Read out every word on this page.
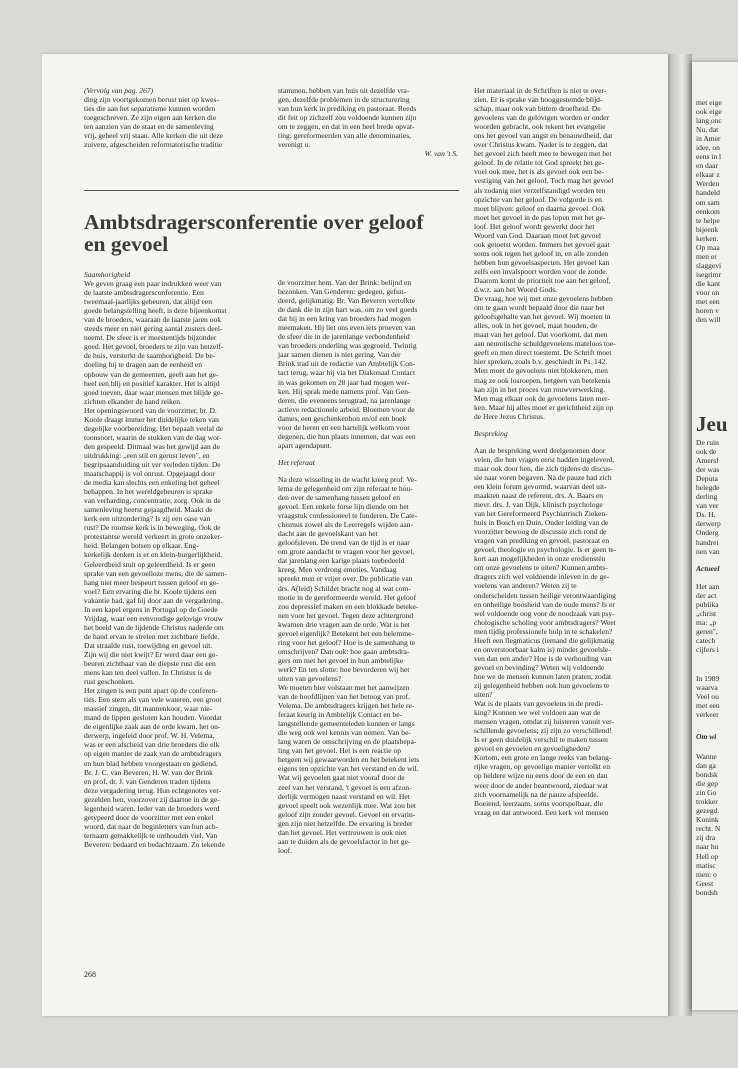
(Vervolg van pag. 267)

ding zijn voortgekomen berust niet op kwes-

ties die aan het separatisme kunnen worden

toegeschreven. Ze zijn eigen aan kerken die

ten aanzien van de staat en de samenleving

vrij, geheel vrij staan. Alle kerken die uit deze

zuivere, afgescheiden reformatorische traditie

stammen, hebben van huis uit dezelfde vra-

gen, dezelfde problemen in de structurering

van hun kerk in prediking en pastoraat. Reeds

dit feit op zichzelf zou voldoende kunnen zijn

om te zeggen, en dat in een heel brede opvat-

ting: gereformeerden van alle denominaties,

verenigt u.

W. van 't S.

Ambtsdragersconferentie over geloof
en gevoel

Saamhorigheid

We geven graag een paar indrukken weer van

de laatste ambtsdragersconferentie. Een

tweemaal-jaarlijks gebeuren, dat altijd een

goede belangstelling heeft, is deze bijeenkomst

van de broeders, waaraan de laatste jaren ook

steeds meer en niet gering aantal zusters deel-

neemt. De sfeer is er meestentijds bijzonder

goed. Het gevoel, broeders te zijn van hetzelf-

de huis, versterkt de saamhorigheid. De be-

doeling bij te dragen aan de eenheid en

opbouw van de gemeenten, geeft aan het ge-

heel een blij en positief karakter. Het is altijd

goed toeven, daar waar mensen met blijde ge-

zichten elkander de hand reiken.

Het openingswoord van de voorzitter, br. D.

Koole draagt immer het duidelijke teken van

degelijke voorbereiding. Het bepaalt veelal de

toonsoort, waarin de stukken van de dag wor-

den gespeeld. Ditmaal was het gewijd aan de

uitdrukking: „een stil en gerust leven", en

begripsaanduiding uit ver verleden tijden. De

maatschappij is vol onrust. Opgejaagd door

de media kan slechts een enkeling het geheel

behappen. In het wereldgebeuren is sprake

van verharding, concentratie, zorg. Ook in de

samenleving heerst gejaagdheid. Maakt de

kerk een uitzondering? Is zij een oase van

rust? De roomse kerk is in beweging. Ook de

protestantse wereld verkeert in grote onzeker-

heid. Belangen botsen op elkaar. Eng-

kerkelijk denken is er en klein-burgerlijkheid.

Geleerdheid stuit op geleerdheid. Is er geen

sprake van een gevoelloze mens, die de samen-

hang niet meer bespeurt tussen geloof en ge-

voel? Een ervaring die br. Koole tijdens een

vakantie had, gaf hij door aan de vergadering.

In een kapel ergens in Portugal op de Goede

Vrijdag, waar een eenvoudige gelovige vrouw

het beeld van de lijdende Christus naderde om

de hand ervan te strelen met zichtbare liefde.

Dat straalde rust, toewijding en gevoel uit.

Zijn wij die niet kwijt? Er werd daar een ge-

beuren zichtbaar van de diepste rust die een

mens kan ten deel vallen. In Christus is de

rust geschonken.

Het zingen is een punt apart op de conferen-

ties. Een stem als van vele wateren, een groot

massief zingen, dit mannenkoor, waar nie-

mand de lippen gesloten kan houden. Voordat

de eigenlijke zaak aan de orde kwam, het on-

derwerp, ingeleid door prof. W. H. Velema,

was er een afscheid van drie broeders die elk

op eigen manier de zaak van de ambtsdragers

en hun blad hebben voorgestaan en gediend.

Br. J. C. van Beveren, H. W. van der Brink

en prof. dr. J. van Genderen traden tijdens

deze vergadering terug. Hun echtgenotes ver-

gezelden hen, voorzover zij daartoe in de ge-

legenheid waren. Ieder van de broeders werd

getypeerd door de voorzitter met een enkel

woord, dat naar de beginletters van hun ach-

ternaam gemakkelijk te onthouden viel. Van

Beveren: bedaard en bedachtzaam. Zo tekende

de voorzitter hem. Van der Brink: belijnd en

bezonken. Van Genderen: gedegen, gefun-

deerd, gelijkmatig. Br. Van Beveren vertolkte

de dank die in zijn hart was, om zo veel goeds

dat hij in een kring van broeders had mogen

meemaken. Hij liet ons even iets proeven van

de sfeer die in de jarenlange verbondenheid

van broeders onderling was gegroeid. Twintig

jaar samen dienen is niet gering. Van der

Brink trad uit de redactie van Ambtelijk Con-

tact terug, waar hij via het Diakonaal Contact

in was gekomen en 28 jaar had mogen wer-

ken. Hij sprak mede namens prof. Van Gen-

deren, die eveneens terugtrad, na jarenlange

actieve redactionele arbeid. Bloemen voor de

dames, een geschenkenbon en/of een boek

voor de heren en een hartelijk welkom voor

degenen, die hun plaats innemen, dat was een

apart agendapunt.

Het referaat

Na deze wisseling in de wacht kreeg prof. Ve-

lema de gelegenheid om zijn referaat te hou-

den over de samenhang tussen geloof en

gevoel. Een enkele forse lijn diende om het

vraagstuk confessioneel te funderen. De Cate-

chismus zowel als de Leerregels wijden aan-

dacht aan de gevoelskant van het

geloofsleven. De trend van de tijd is er naar

om grote aandacht te vragen voor het gevoel,

dat jarenlang een karige plaats toebedeeld

kreeg. Men verdrong emoties. Vandaag

spreekt men er vrijer over. De publicatie van

drs. A(leid) Schilder bracht nog al wat com-

motie in de gereformeerde wereld. Het geloof

zou depressief maken en een blokkade beteke-

nen voor het gevoel. Tegen deze achtergrond

kwamen drie vragen aan de orde. Wat is het

gevoel eigenlijk? Betekent het een belemme-

ring voor het geloof? Hoe is de samenhang te

omschrijven? Dan ook: hoe gaan ambtsdra-

gers om met het gevoel in hun ambtelijke

werk? En ten slotte: hoe bevorderen wij het

uiten van gevoelens?

We moeten hier volstaan met het aanwijzen

van de hoofdlijnen van het betoog van prof.

Velema. De ambtsdragers krijgen het hele re-

feraat keurig in Ambtelijk Contact en be-

langstellende gemeenteleden kunnen er langs

die weg ook wel kennis van nemen. Van be-

lang waren de omschrijving en de plaatsbepa-

ling van het gevoel. Het is een reactie op

hetgeen wij gewaarworden en het betekent iets

eigens ten opzichte van het verstand en de wil.

Wat wij gevoelen gaat niet vooraf door de

zeef van het verstand, 't gevoel is een afzon-

derlijk vermogen naast verstand en wil. Het

gevoel speelt ook wezenlijk mee. Wat zou het

geloof zijn zonder gevoel. Gevoel en ervarin-

gen zijn niet hetzelfde. De ervaring is breder

dan het gevoel. Het vertrouwen is ook niet

aan te duiden als de gevoelsfactor in het ge-

loof.

Het materiaal in de Schriften is niet te over-

zien. Er is sprake van hooggestemde blijd-

schap, maar ook van bittere droefheid. De

gevoelens van de gelovigen worden er onder

woorden gebracht, ook tekent het evangelie

ons het gevoel van angst en benauwdheid, dat

over Christus kwam. Nader is te zeggen, dat

het gevoel zich heeft mee te bewegen met het

geloof. In de relatie tot God spreekt het ge-

voel ook mee, het is als gevoel ook een be-

vestiging van het geloof. Toch mag het gevoel

als zodanig niet verzelfstandigd worden ten

opzichte van het geloof. De volgorde is en

moet blijven: geloof en daarna gevoel. Ook

moet het gevoel in de pas lopen met het ge-

loof. Het geloof wordt gewerkt door het

Woord van God. Daaraan moet het gevoel

ook getoetst worden. Immers het gevoel gaat

soms ook tegen het geloof in, en alle zonden

hebben hun gevoelsaspecten. Het gevoel kan

zelfs een invalspoort worden voor de zonde.

Daarom komt de prioriteit toe aan het geloof,

d.w.z. aan het Woord Gods.

De vraag, hoe wij met onze gevoelens hebben

om te gaan wordt bepaald door die naar het

geloofsgehalte van het gevoel. Wij moeten in

alles, ook in het gevoel, maat houden, de

maat van het geloof. Dat voorkomt, dat men

aan neurotische schuldgevoelens mateloos toe-

geeft en men direct toestemt. De Schrift moet

hier spreken, zoals b.v. geschiedt in Ps. 142.

Men moet de gevoelens niet blokkeren, men

mag ze ook losroepen, hetgeen van betekenis

kan zijn in het proces van rouwverwerking.

Men mag elkaar ook de gevoelens laten mer-

ken. Maar bij alles moet er gerichtheid zijn op

de Here Jezus Christus.

Bespreking

Aan de bespreking werd deelgenomen door

velen, die hun vragen eerst hadden ingeleverd,

maar ook door hen, die zich tijdens de discus-

sie naar voren begaven. Na de pauze had zich

een klein forum gevormd, waarvan deel uit-

maakten naast de referent, drs. A. Baars en

mevr. drs. J. van Dijk, klinisch psychologe

van het Gereformeerd Psychiatrisch Zieken-

huis in Bosch en Duin. Onder leiding van de

voorzitter bewoog de discussie zich rond de

vragen van prediking en gevoel, pastoraat en

gevoel, theologie en psychologie. Is er geen te-

kort aan mogelijkheden in onze eredienstén

om onze gevoelens te uiten? Kunnen ambts-

dragers zich wel voldoende inleven in de ge-

voelens van anderen? Weten zij te

onderscheiden tussen heilige verontwaardiging

en onheilige boosheid van de oude mens? Is er

wel voldoende oog voor de noodzaak van psy-

chologische scholing voor ambtsdragers? Weet

men tijdig professionele hulp in te schakelen?

Heeft een flegmaticus (iemand die gelijkmatig

en onverstoorbaar kalm is) minder gevoelsle-

ven dan een ander? Hoe is de verhouding van

gevoel en bevinding? Weten wij voldoende

hoe we de mensen kunnen laten praten, zodat

zij gelegenheid hebben ook hun gevoelens te

uiten?

Wat is de plaats van gevoelens in de predi-

king? Kunnen we wel voldoen aan wat de

mensen vragen, omdat zij luisteren vanuit ver-

schillende gevoelens; zij zijn zo verschillend!

Is er geen duidelijk verschil te maken tussen

gevoel en gevoelen en gevoeligheden?

Kortom, een grote en lange reeks van belang-

rijke vragen, op gevoelige manier vertolkt en

op heldere wijze nu eens door de een en dan

weer door de ander beantwoord, ziedaar wat

zich voornamelijk na de pauze afspeelde.

Boeiend, leerzaam, soms voorspelbaar, die

vraag en dat antwoord. Een kerk vol mensen

268

met eige

ook eige

lang onc

Nu, dat

in Amer

idee, on

eens in l

en daar

elkaar z

Werden

handeld

om sam

eenkom

te helpe

bijeenk

kerken.

Op maa

men er

slaggevi

isegrimr

die kant

voor on

met een

horen v

den will

Jeu

De ruin

ook de

Amersf

der was

Deputa

belegde

derling

van ver

Ds. H.

derwerp

Onderg

handrei

nen van

Actueel

Het aan

der act

publika

„christ

ma: „p

geren",

catech

cijfers i

In 1989

waarva

Veel ou

met een

verkeer

Om wi

Wanne

dan ga

bondsk

die gep

zin Go

trokker

gezegd.

Konink

recht. N

zij dra

naar hu

Hell op

matisc

men: o

Geest

bondsh
